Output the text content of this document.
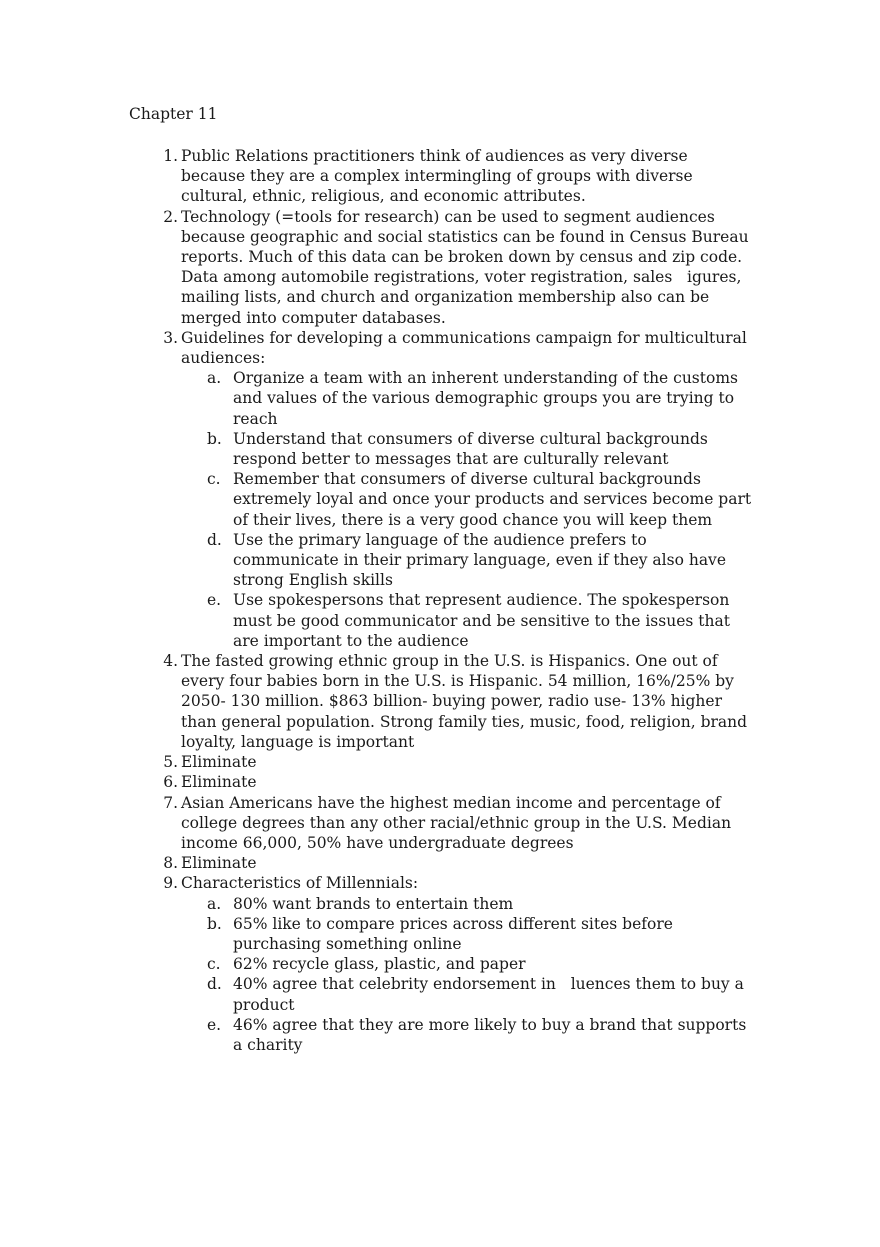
Chapter 11
1. Public Relations practitioners think of audiences as very diverse because they are a complex intermingling of groups with diverse cultural, ethnic, religious, and economic attributes.
2. Technology (=tools for research) can be used to segment audiences because geographic and social statistics can be found in Census Bureau reports. Much of this data can be broken down by census and zip code. Data among automobile registrations, voter registration, sales   igures, mailing lists, and church and organization membership also can be merged into computer databases.
3. Guidelines for developing a communications campaign for multicultural audiences:
a. Organize a team with an inherent understanding of the customs and values of the various demographic groups you are trying to reach
b. Understand that consumers of diverse cultural backgrounds respond better to messages that are culturally relevant
c. Remember that consumers of diverse cultural backgrounds extremely loyal and once your products and services become part of their lives, there is a very good chance you will keep them
d. Use the primary language of the audience prefers to communicate in their primary language, even if they also have strong English skills
e. Use spokespersons that represent audience. The spokesperson must be good communicator and be sensitive to the issues that are important to the audience
4. The fasted growing ethnic group in the U.S. is Hispanics. One out of every four babies born in the U.S. is Hispanic. 54 million, 16%/25% by 2050- 130 million. $863 billion- buying power, radio use- 13% higher than general population. Strong family ties, music, food, religion, brand loyalty, language is important
5. Eliminate
6. Eliminate
7. Asian Americans have the highest median income and percentage of college degrees than any other racial/ethnic group in the U.S. Median income 66,000, 50% have undergraduate degrees
8. Eliminate
9. Characteristics of Millennials:
a. 80% want brands to entertain them
b. 65% like to compare prices across different sites before purchasing something online
c. 62% recycle glass, plastic, and paper
d. 40% agree that celebrity endorsement in   luences them to buy a product
e. 46% agree that they are more likely to buy a brand that supports a charity
